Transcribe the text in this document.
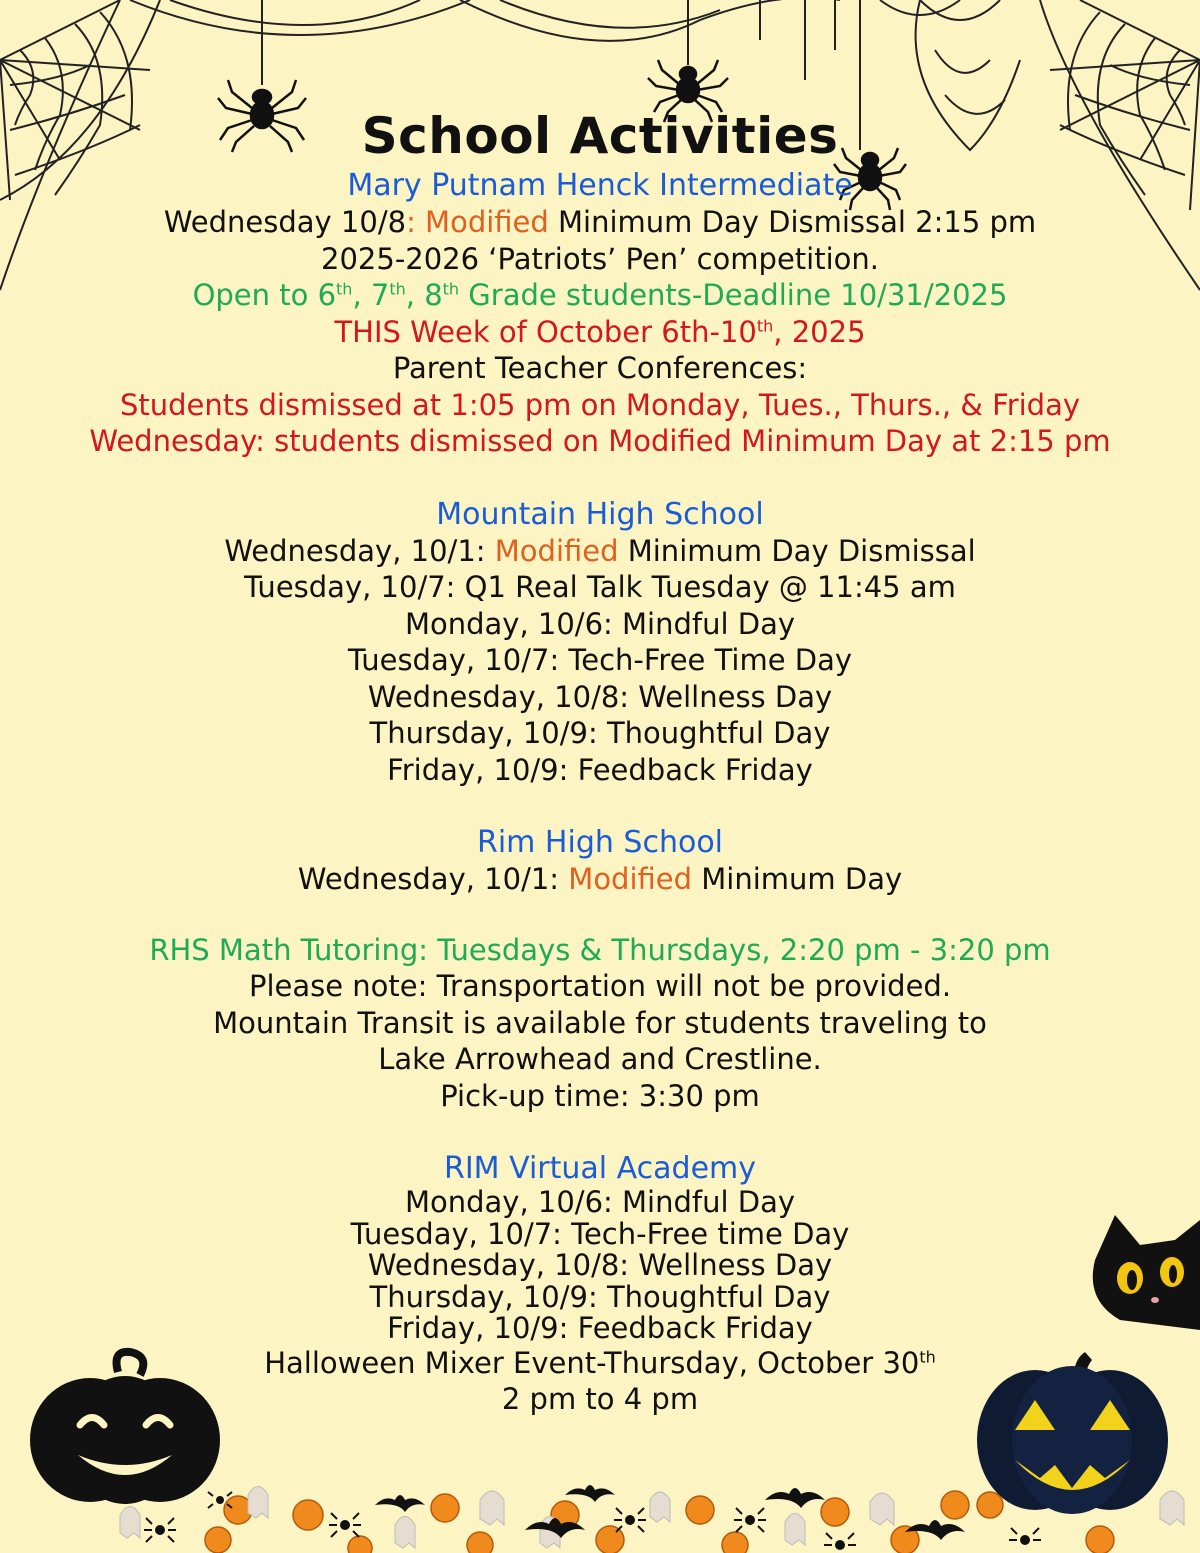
School Activities
Mary Putnam Henck Intermediate
Wednesday 10/8: Modified Minimum Day Dismissal 2:15 pm
2025-2026 ‘Patriots’ Pen’ competition.
Open to 6th, 7th, 8th Grade students-Deadline 10/31/2025
THIS Week of October 6th-10th, 2025
Parent Teacher Conferences:
Students dismissed at 1:05 pm on Monday, Tues., Thurs., & Friday
Wednesday: students dismissed on Modified Minimum Day at 2:15 pm
Mountain High School
Wednesday, 10/1: Modified Minimum Day Dismissal
Tuesday, 10/7: Q1 Real Talk Tuesday @ 11:45 am
Monday, 10/6: Mindful Day
Tuesday, 10/7: Tech-Free Time Day
Wednesday, 10/8: Wellness Day
Thursday, 10/9: Thoughtful Day
Friday, 10/9: Feedback Friday
Rim High School
Wednesday, 10/1: Modified Minimum Day
RHS Math Tutoring: Tuesdays & Thursdays, 2:20 pm - 3:20 pm
Please note: Transportation will not be provided.
Mountain Transit is available for students traveling to
Lake Arrowhead and Crestline.
Pick-up time: 3:30 pm
RIM Virtual Academy
Monday, 10/6: Mindful Day
Tuesday, 10/7: Tech-Free time Day
Wednesday, 10/8: Wellness Day
Thursday, 10/9: Thoughtful Day
Friday, 10/9: Feedback Friday
Halloween Mixer Event-Thursday, October 30th
2 pm to 4 pm
